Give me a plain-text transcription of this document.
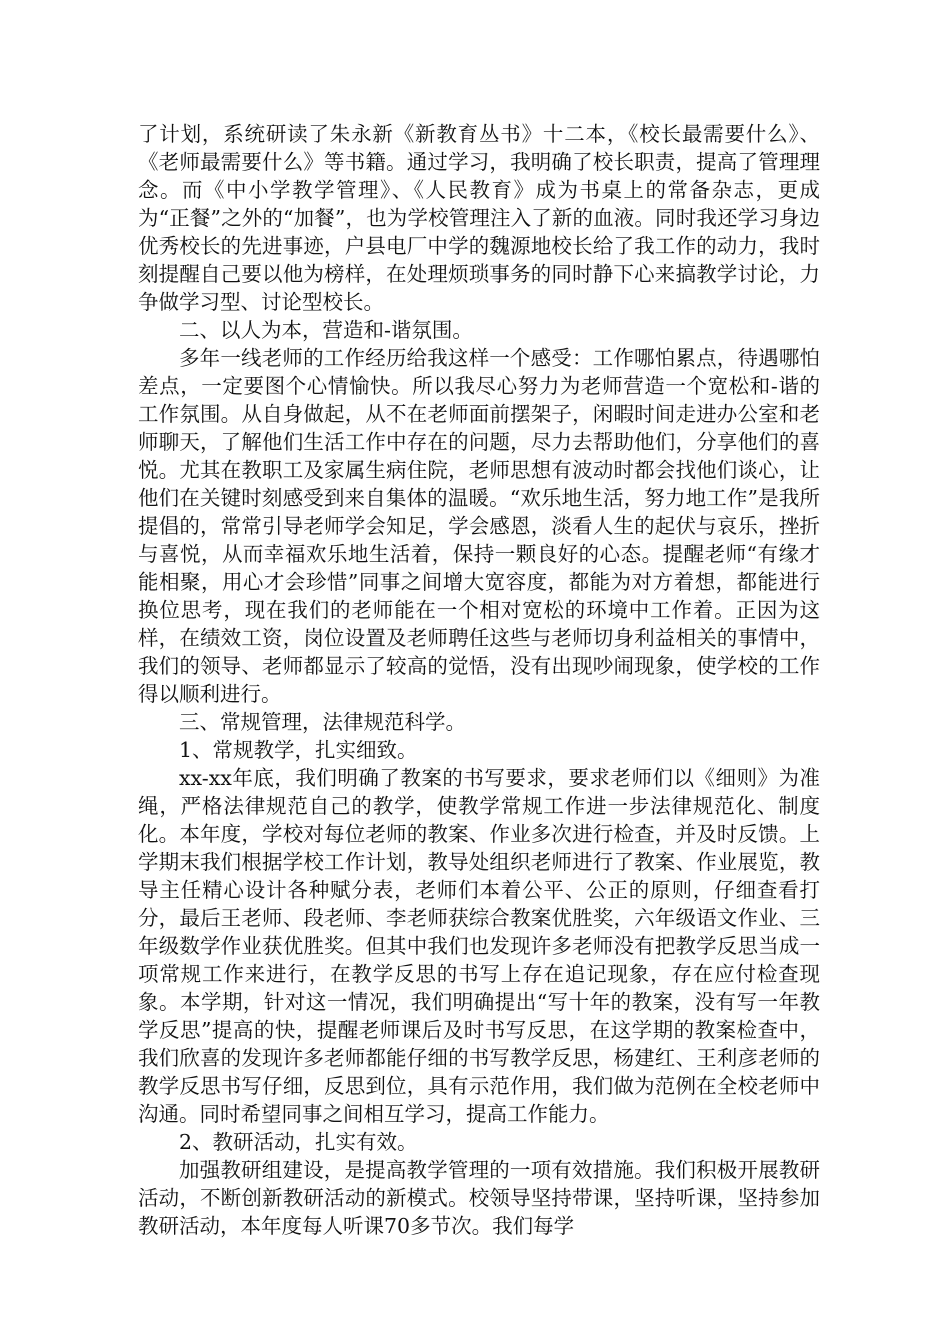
了计划，系统研读了朱永新《新教育丛书》十二本，《校长最需要什么》、《老师最需要什么》等书籍。通过学习，我明确了校长职责，提高了管理理念。而《中小学教学管理》、《人民教育》成为书桌上的常备杂志，更成为“正餐”之外的“加餐”，也为学校管理注入了新的血液。同时我还学习身边优秀校长的先进事迹，户县电厂中学的魏源地校长给了我工作的动力，我时刻提醒自己要以他为榜样，在处理烦琐事务的同时静下心来搞教学讨论，力争做学习型、讨论型校长。

二、以人为本，营造和-谐氛围。

多年一线老师的工作经历给我这样一个感受：工作哪怕累点，待遇哪怕差点，一定要图个心情愉快。所以我尽心努力为老师营造一个宽松和-谐的工作氛围。从自身做起，从不在老师面前摆架子，闲暇时间走进办公室和老师聊天，了解他们生活工作中存在的问题，尽力去帮助他们，分享他们的喜悦。尤其在教职工及家属生病住院，老师思想有波动时都会找他们谈心，让他们在关键时刻感受到来自集体的温暖。“欢乐地生活，努力地工作”是我所提倡的，常常引导老师学会知足，学会感恩，淡看人生的起伏与哀乐，挫折与喜悦，从而幸福欢乐地生活着，保持一颗良好的心态。提醒老师“有缘才能相聚，用心才会珍惜”同事之间增大宽容度，都能为对方着想，都能进行换位思考，现在我们的老师能在一个相对宽松的环境中工作着。正因为这样，在绩效工资，岗位设置及老师聘任这些与老师切身利益相关的事情中，我们的领导、老师都显示了较高的觉悟，没有出现吵闹现象，使学校的工作得以顺利进行。

三、常规管理，法律规范科学。

1、常规教学，扎实细致。

xx-xx年底，我们明确了教案的书写要求，要求老师们以《细则》为准绳，严格法律规范自己的教学，使教学常规工作进一步法律规范化、制度化。本年度，学校对每位老师的教案、作业多次进行检查，并及时反馈。上学期末我们根据学校工作计划，教导处组织老师进行了教案、作业展览，教导主任精心设计各种赋分表，老师们本着公平、公正的原则，仔细查看打分，最后王老师、段老师、李老师获综合教案优胜奖，六年级语文作业、三年级数学作业获优胜奖。但其中我们也发现许多老师没有把教学反思当成一项常规工作来进行，在教学反思的书写上存在追记现象，存在应付检查现象。本学期，针对这一情况，我们明确提出“写十年的教案，没有写一年教学反思”提高的快，提醒老师课后及时书写反思，在这学期的教案检查中，我们欣喜的发现许多老师都能仔细的书写教学反思，杨建红、王利彦老师的教学反思书写仔细，反思到位，具有示范作用，我们做为范例在全校老师中沟通。同时希望同事之间相互学习，提高工作能力。

2、教研活动，扎实有效。

加强教研组建设，是提高教学管理的一项有效措施。我们积极开展教研活动，不断创新教研活动的新模式。校领导坚持带课，坚持听课，坚持参加教研活动，本年度每人听课70多节次。我们每学
